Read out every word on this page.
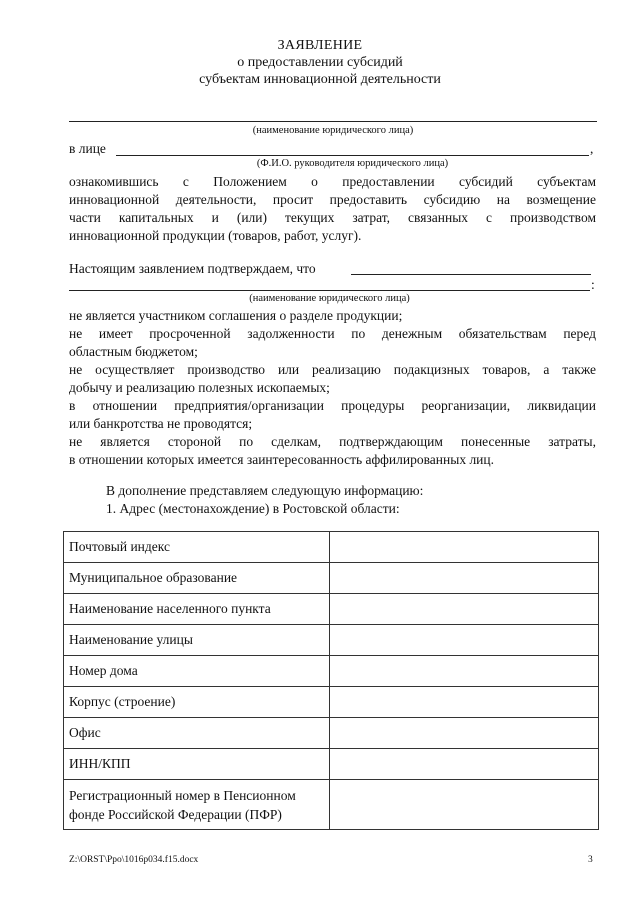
ЗАЯВЛЕНИЕ
о предоставлении субсидий
субъектам инновационной деятельности
(наименование юридического лица)
в лице	,
(Ф.И.О. руководителя юридического лица)
ознакомившись с Положением о предоставлении субсидий субъектам
инновационной деятельности, просит предоставить субсидию на возмещение
части капитальных и (или) текущих затрат, связанных с производством
инновационной продукции (товаров, работ, услуг).
Настоящим заявлением подтверждаем, что
:
(наименование юридического лица)
не является участником соглашения о разделе продукции;
не имеет просроченной задолженности по денежным обязательствам перед
областным бюджетом;
не осуществляет производство или реализацию подакцизных товаров, а также
добычу и реализацию полезных ископаемых;
в отношении предприятия/организации процедуры реорганизации, ликвидации
или банкротства не проводятся;
не является стороной по сделкам, подтверждающим понесенные затраты,
в отношении которых имеется заинтересованность аффилированных лиц.
В дополнение представляем следующую информацию:
1. Адрес (местонахождение) в Ростовской области:
Почтовый индекс	
Муниципальное образование	
Наименование населенного пункта	
Наименование улицы	
Номер дома	
Корпус (строение)	
Офис	
ИНН/КПП	

Регистрационный номер в Пенсионном
фонде Российской Федерации (ПФР)	

Z:\ORST\Ppo\1016p034.f15.docx	3
